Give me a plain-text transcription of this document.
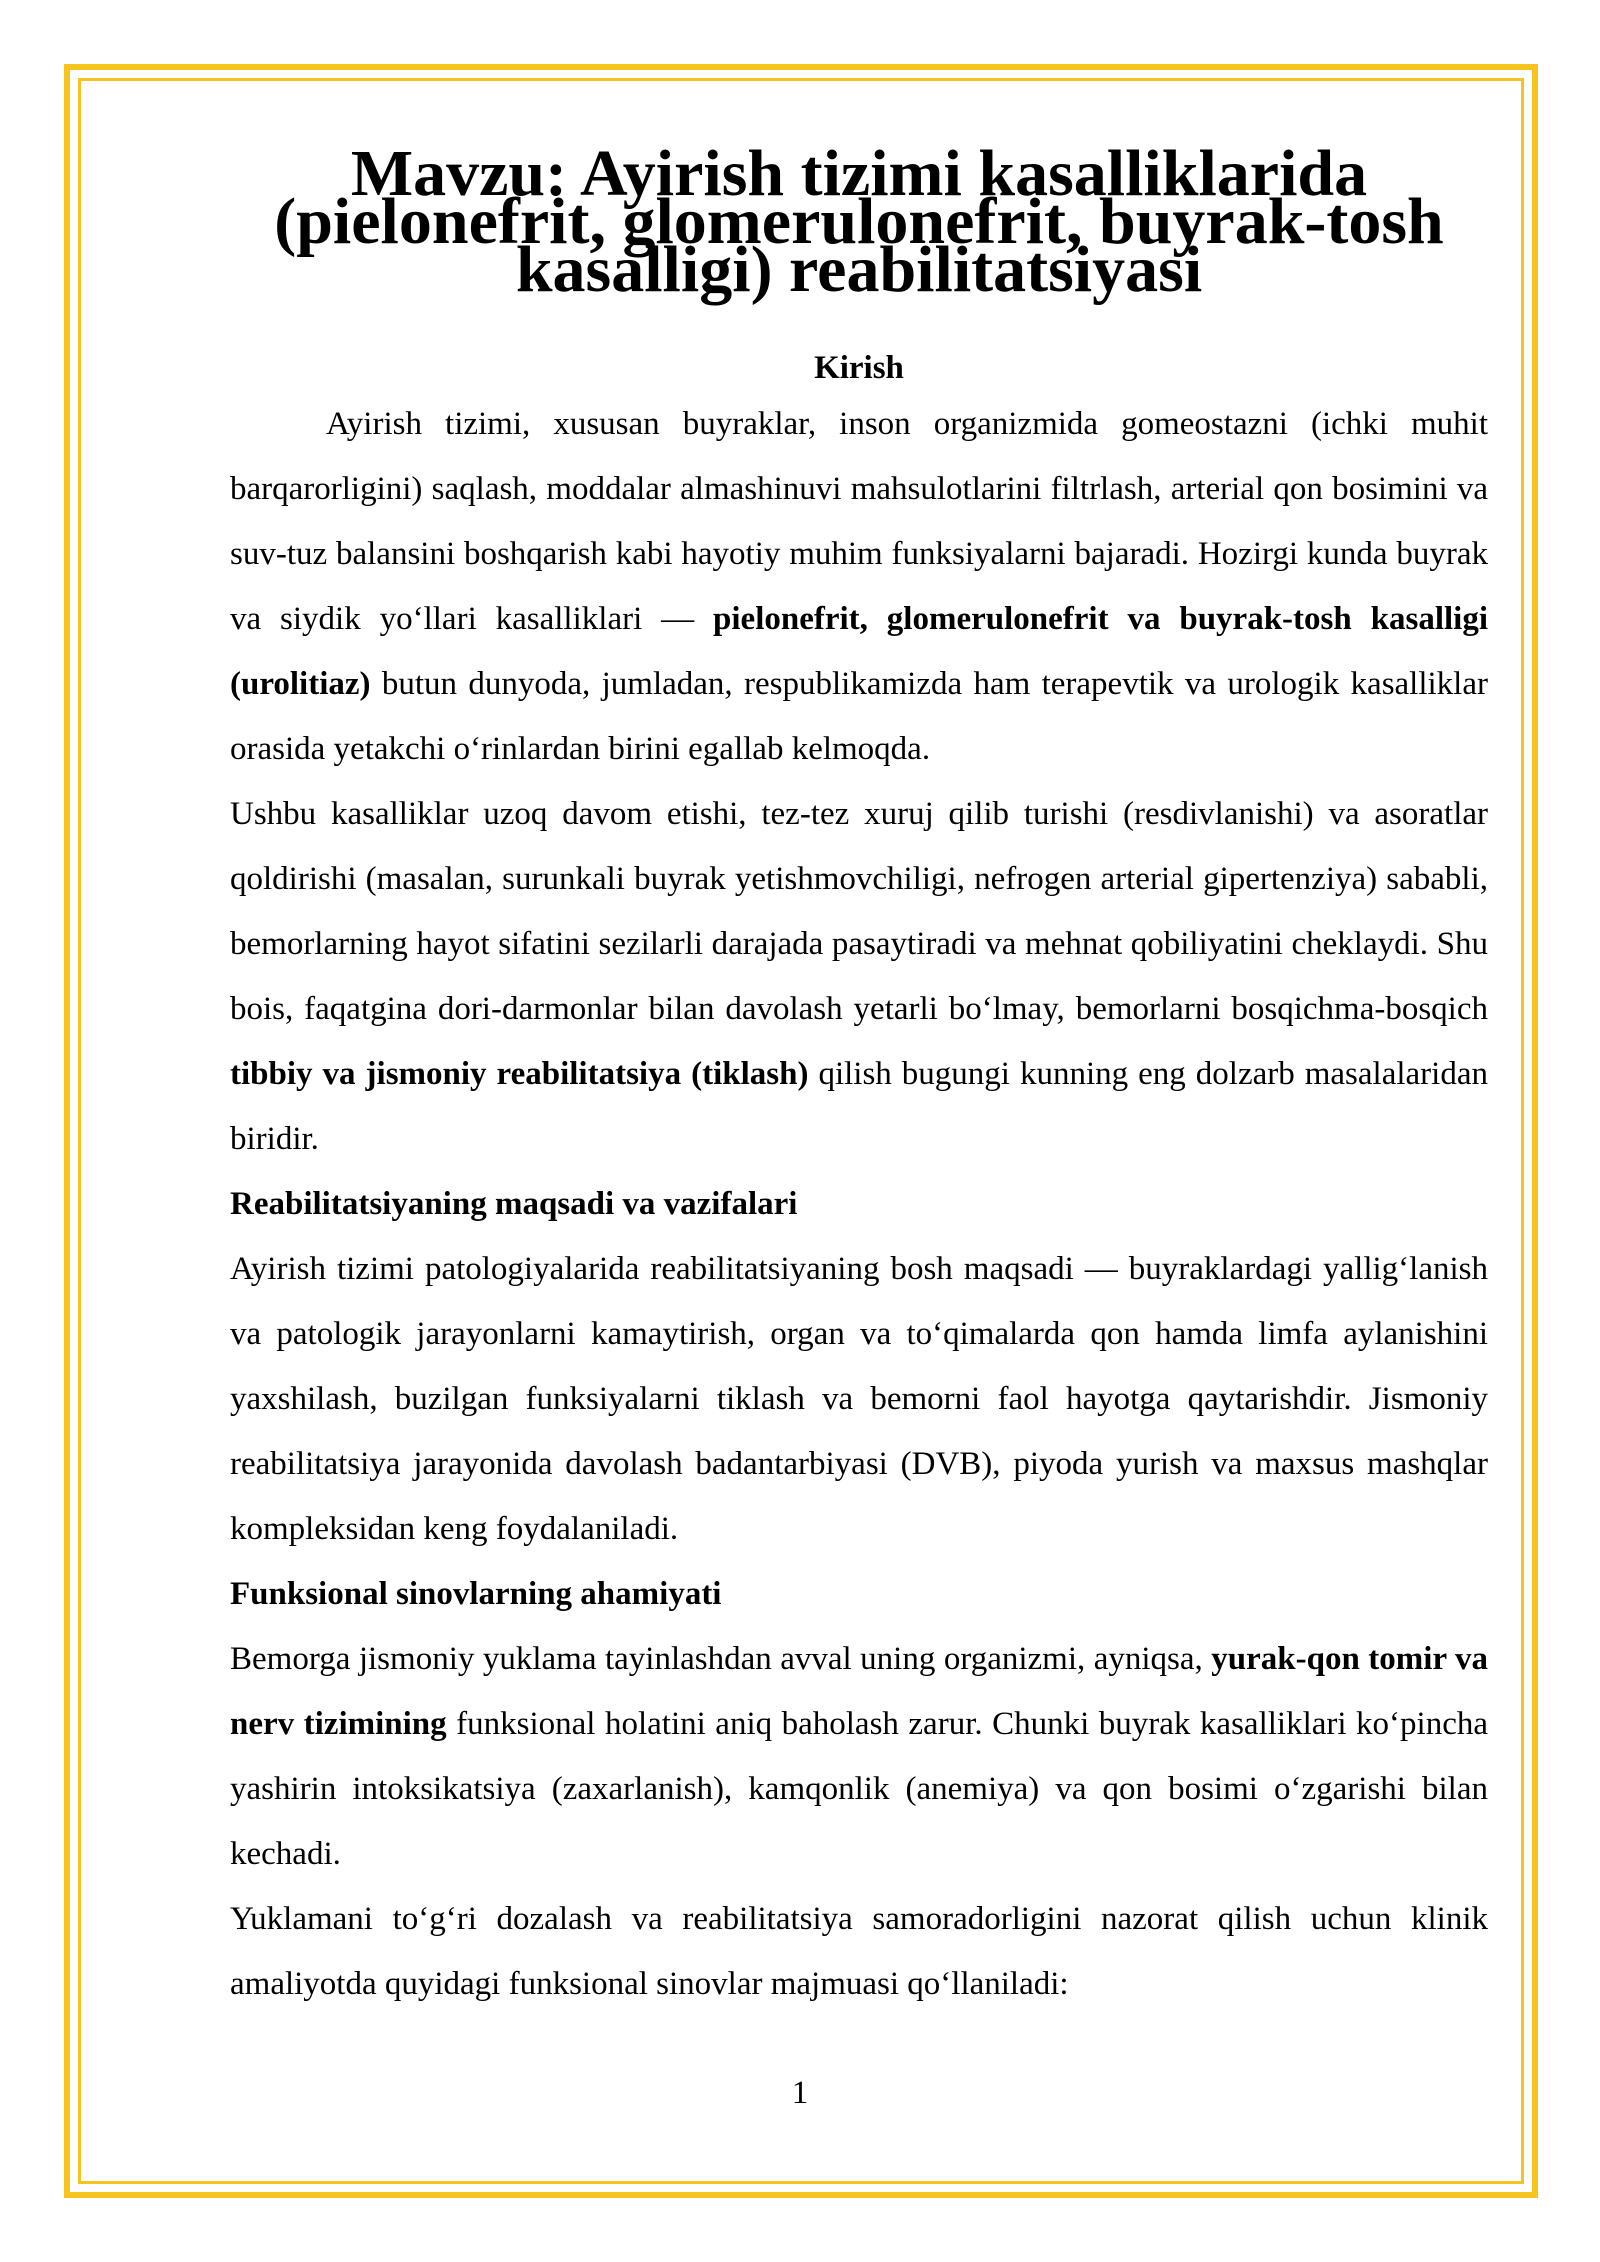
Mavzu: Ayirish tizimi kasalliklarida (pielonefrit, glomerulonefrit, buyrak-tosh kasalligi) reabilitatsiyasi
Kirish

Ayirish tizimi, xususan buyraklar, inson organizmida gomeostazni (ichki muhit barqarorligini) saqlash, moddalar almashinuvi mahsulotlarini filtrlash, arterial qon bosimini va suv-tuz balansini boshqarish kabi hayotiy muhim funksiyalarni bajaradi. Hozirgi kunda buyrak va siydik yo‘llari kasalliklari — pielonefrit, glomerulonefrit va buyrak-tosh kasalligi (urolitiaz) butun dunyoda, jumladan, respublikamizda ham terapevtik va urologik kasalliklar orasida yetakchi o‘rinlardan birini egallab kelmoqda.

Ushbu kasalliklar uzoq davom etishi, tez-tez xuruj qilib turishi (resdivlanishi) va asoratlar qoldirishi (masalan, surunkali buyrak yetishmovchiligi, nefrogen arterial gipertenziya) sababli, bemorlarning hayot sifatini sezilarli darajada pasaytiradi va mehnat qobiliyatini cheklaydi. Shu bois, faqatgina dori-darmonlar bilan davolash yetarli bo‘lmay, bemorlarni bosqichma-bosqich tibbiy va jismoniy reabilitatsiya (tiklash) qilish bugungi kunning eng dolzarb masalalaridan biridir.

Reabilitatsiyaning maqsadi va vazifalari

Ayirish tizimi patologiyalarida reabilitatsiyaning bosh maqsadi — buyraklardagi yallig‘lanish va patologik jarayonlarni kamaytirish, organ va to‘qimalarda qon hamda limfa aylanishini yaxshilash, buzilgan funksiyalarni tiklash va bemorni faol hayotga qaytarishdir. Jismoniy reabilitatsiya jarayonida davolash badantarbiyasi (DVB), piyoda yurish va maxsus mashqlar kompleksidan keng foydalaniladi.

Funksional sinovlarning ahamiyati

Bemorga jismoniy yuklama tayinlashdan avval uning organizmi, ayniqsa, yurak-qon tomir va nerv tizimining funksional holatini aniq baholash zarur. Chunki buyrak kasalliklari ko‘pincha yashirin intoksikatsiya (zaxarlanish), kamqonlik (anemiya) va qon bosimi o‘zgarishi bilan kechadi.

Yuklamani to‘g‘ri dozalash va reabilitatsiya samoradorligini nazorat qilish uchun klinik amaliyotda quyidagi funksional sinovlar majmuasi qo‘llaniladi:

1
